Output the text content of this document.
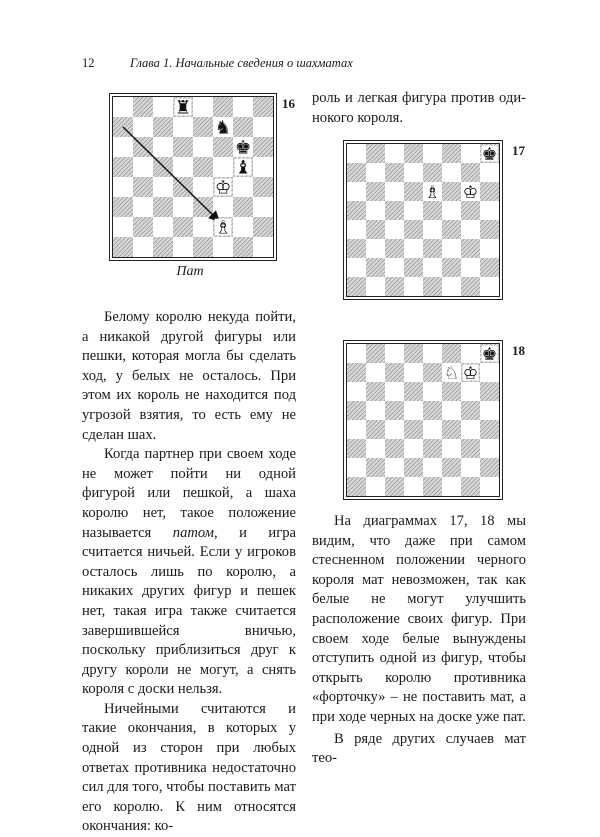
12	Глава 1. Начальные сведения о шахматах
♜
♞
♚
♝
♔
♗
16
Пат
♚
♗ ♔
17
♚
♘ ♔
18

Белому королю некуда пойти, а никакой другой фигуры или пешки, которая могла бы сделать ход, у белых не осталось. При этом их король не находится под угрозой взятия, то есть ему не сделан шах.

Когда партнер при своем ходе не может пойти ни одной фигурой или пешкой, а шаха королю нет, такое положение называется патом, и игра считается ничьей. Если у игроков осталось лишь по королю, а никаких других фигур и пешек нет, такая игра также считается завершившейся вничью, поскольку приблизиться друг к другу короли не могут, а снять короля с доски нельзя.

Ничейными считаются и такие окончания, в которых у одной из сторон при любых ответах противника недостаточно сил для того, чтобы поставить мат его королю. К ним относятся окончания: ко-

роль и легкая фигура против оди-
нокого короля.

На диаграммах 17, 18 мы видим, что даже при самом стесненном положении черного короля мат невозможен, так как белые не могут улучшить расположение своих фигур. При своем ходе белые вынуждены отступить одной из фигур, чтобы открыть королю противника «форточку» – не поставить мат, а при ходе черных на доске уже пат.

В ряде других случаев мат тео-
